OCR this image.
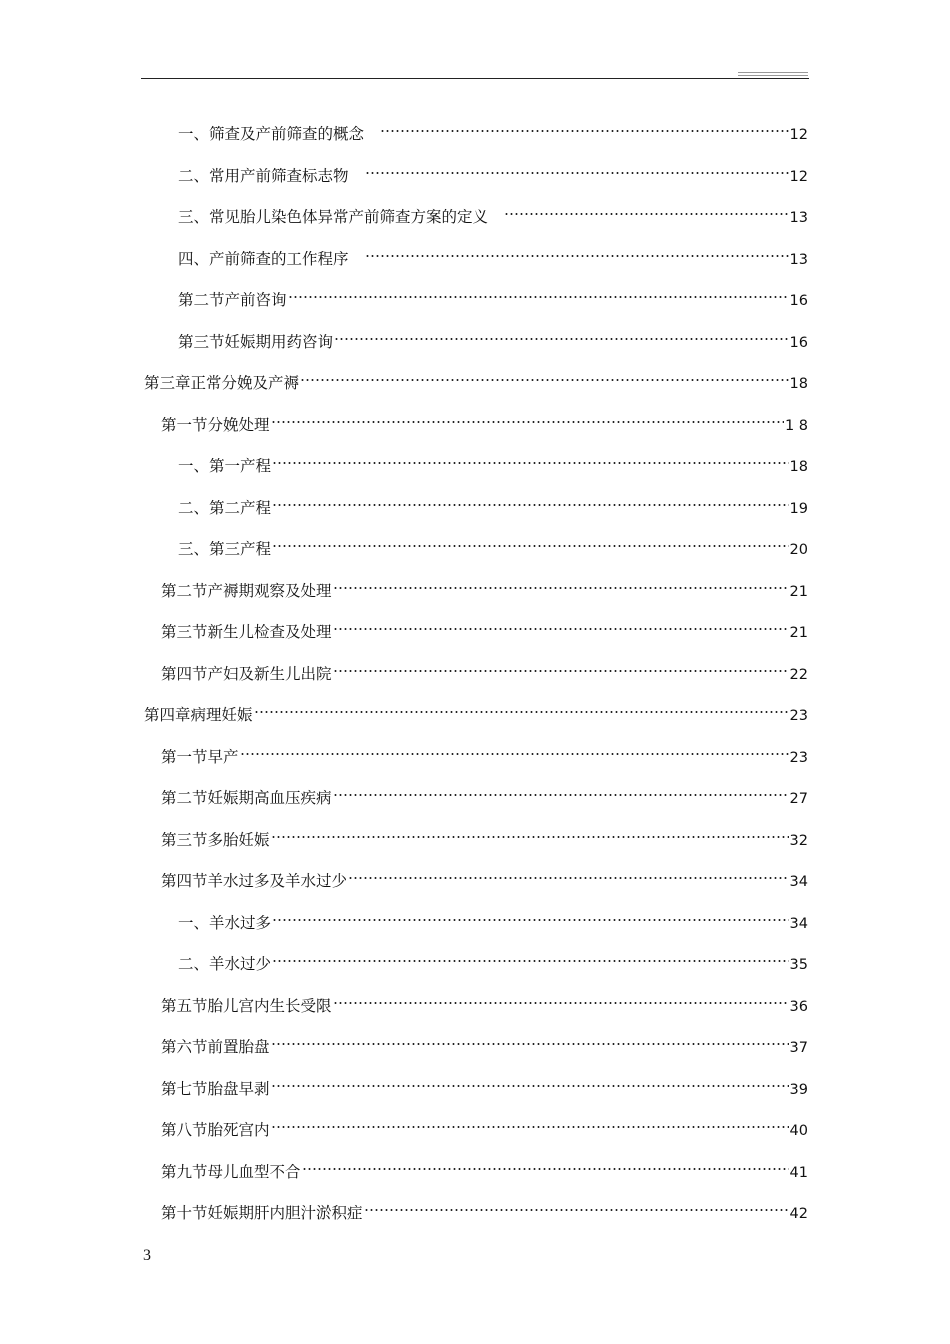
一、筛查及产前筛查的概念	12
二、常用产前筛查标志物	12
三、常见胎儿染色体异常产前筛查方案的定义	13
四、产前筛查的工作程序	13
第二节产前咨询	16
第三节妊娠期用药咨询	16
第三章正常分娩及产褥	18
第一节分娩处理	1 8
一、第一产程	18
二、第二产程	19
三、第三产程	20
第二节产褥期观察及处理	21
第三节新生儿检查及处理	21
第四节产妇及新生儿出院	22
第四章病理妊娠	23
第一节早产	23
第二节妊娠期高血压疾病	27
第三节多胎妊娠	32
第四节羊水过多及羊水过少	34
一、羊水过多	34
二、羊水过少	35
第五节胎儿宫内生长受限	36
第六节前置胎盘	37
第七节胎盘早剥	39
第八节胎死宫内	40
第九节母儿血型不合	41
第十节妊娠期肝内胆汁淤积症	42
3
